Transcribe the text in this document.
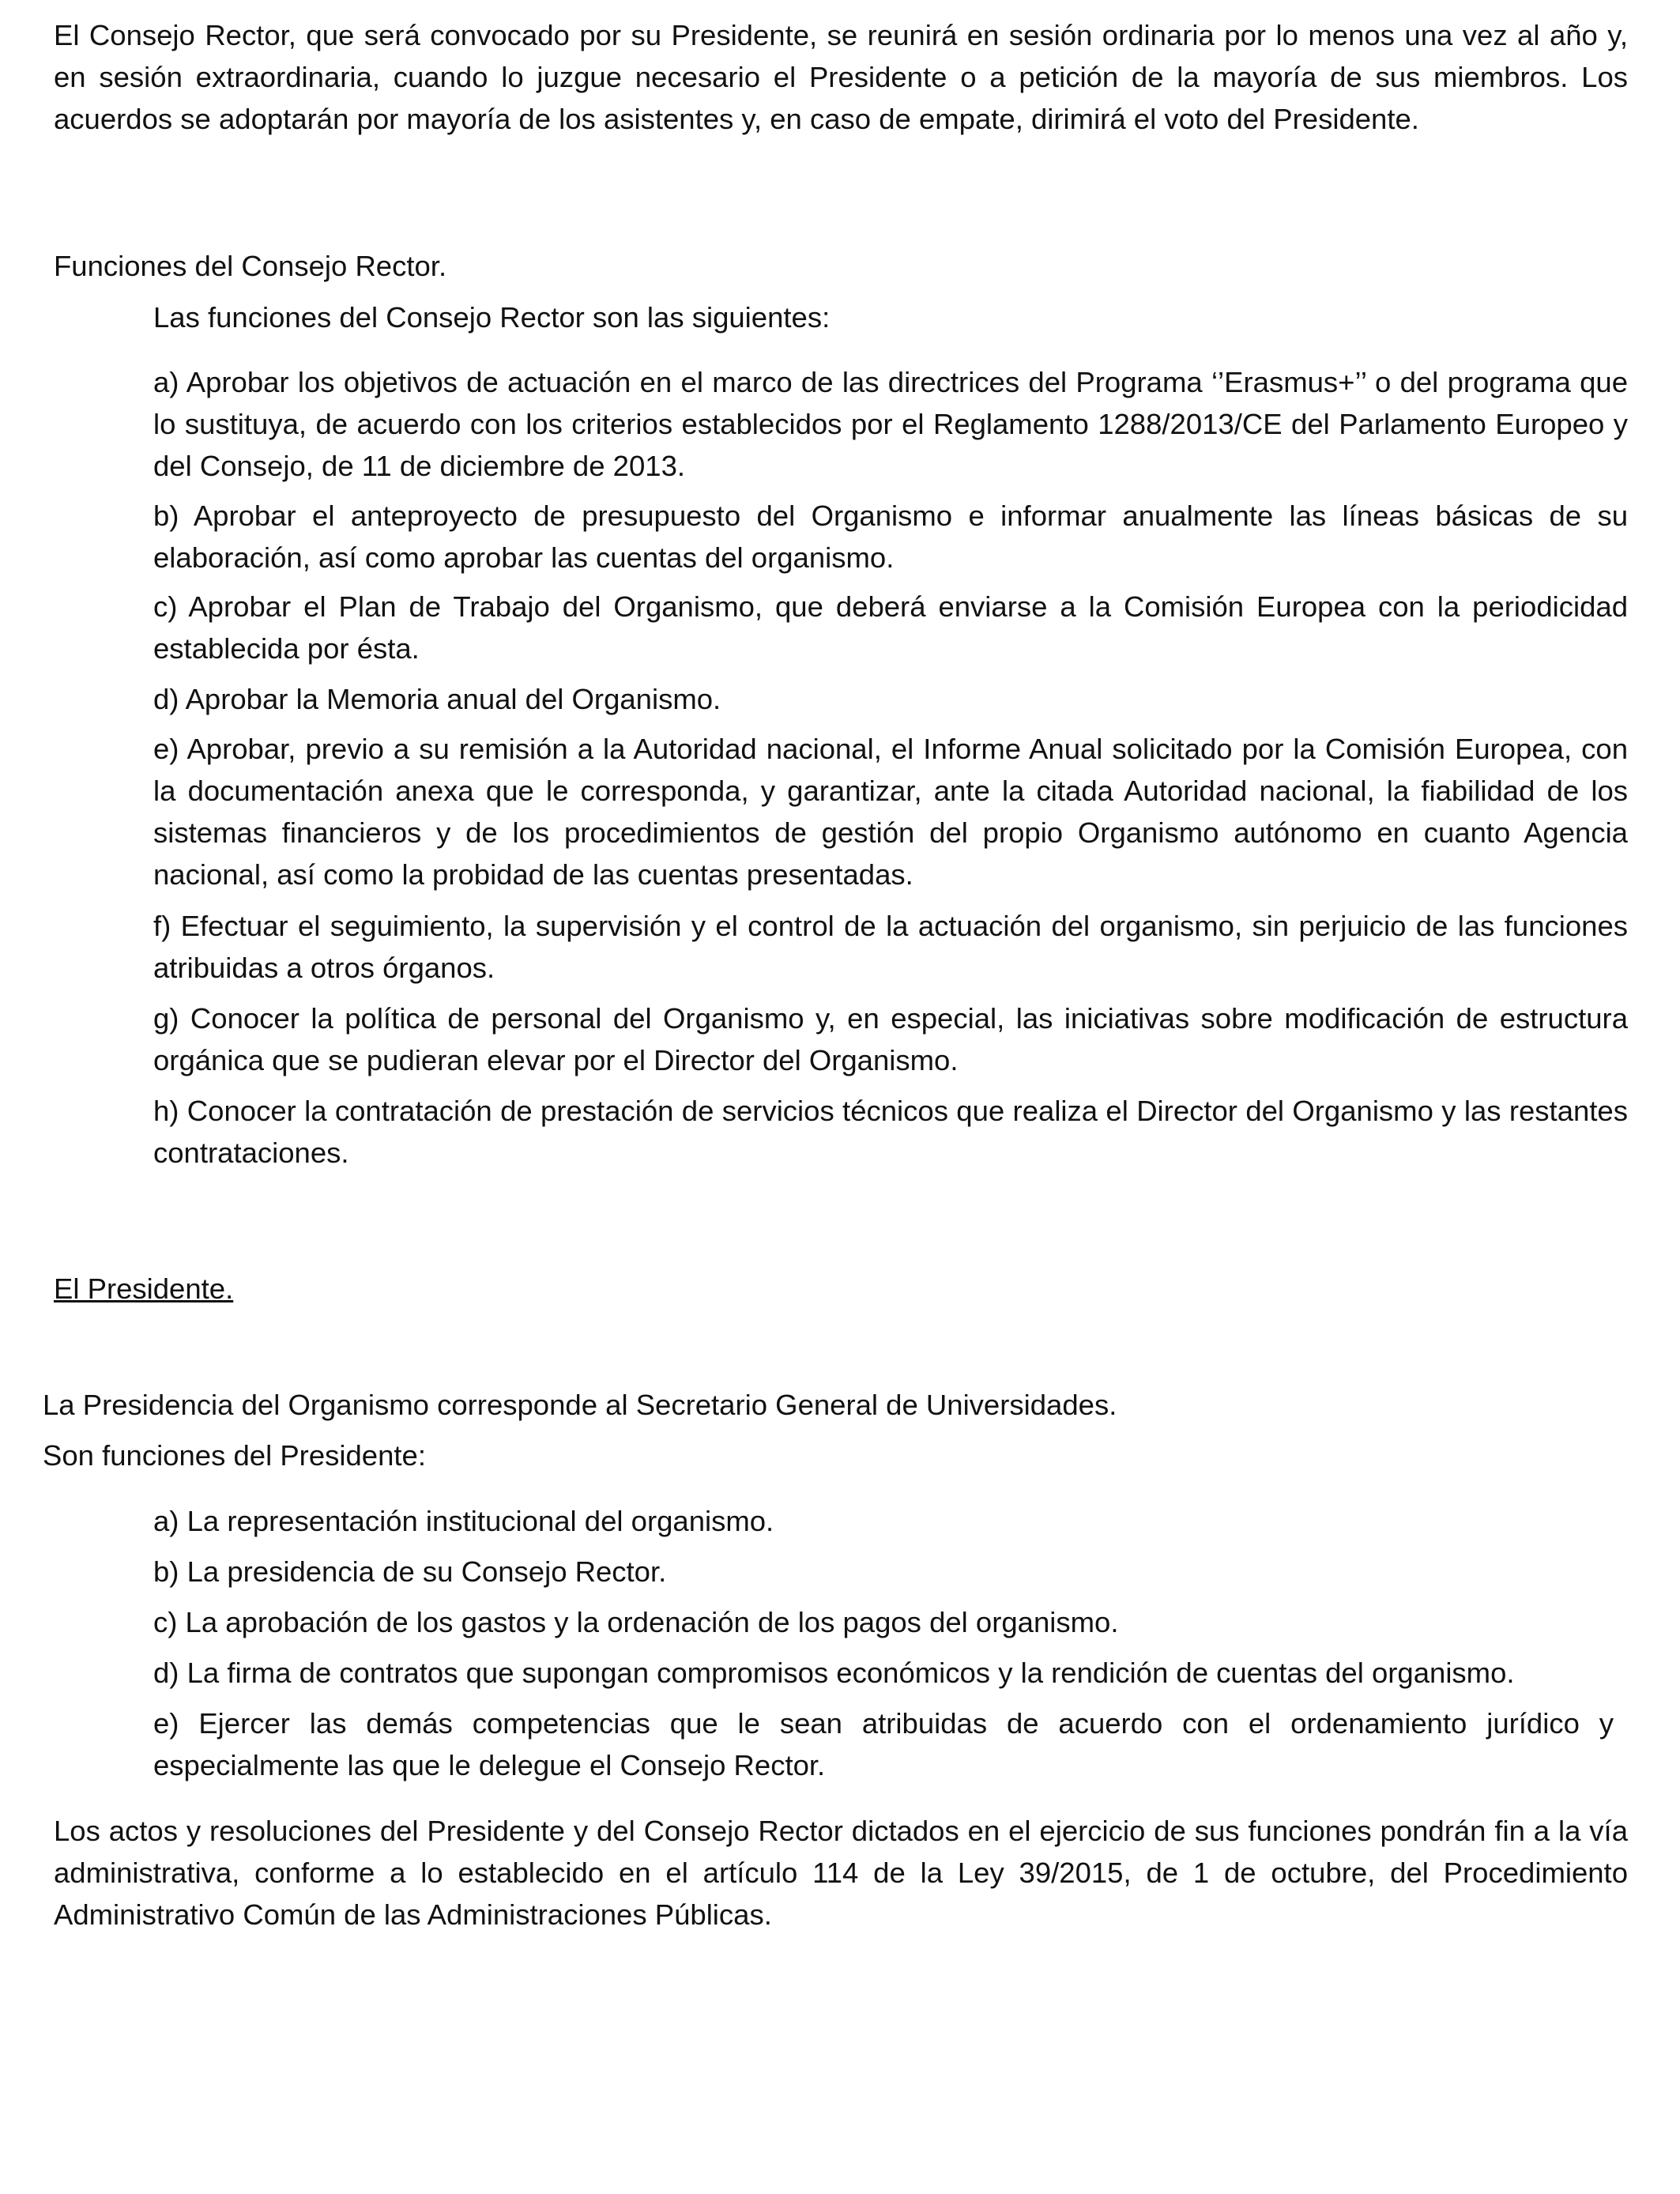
El Consejo Rector, que será convocado por su Presidente, se reunirá en sesión ordinaria por lo menos una vez al año y, en sesión extraordinaria, cuando lo juzgue necesario el Presidente o a petición de la mayoría de sus miembros. Los acuerdos se adoptarán por mayoría de los asistentes y, en caso de empate, dirimirá el voto del Presidente.

Funciones del Consejo Rector.

Las funciones del Consejo Rector son las siguientes:

a) Aprobar los objetivos de actuación en el marco de las directrices del Programa ‘’Erasmus+’’ o del programa que lo sustituya, de acuerdo con los criterios establecidos por el Reglamento 1288/2013/CE del Parlamento Europeo y del Consejo, de 11 de diciembre de 2013.

b) Aprobar el anteproyecto de presupuesto del Organismo e informar anualmente las líneas básicas de su elaboración, así como aprobar las cuentas del organismo.

c) Aprobar el Plan de Trabajo del Organismo, que deberá enviarse a la Comisión Europea con la periodicidad establecida por ésta.

d) Aprobar la Memoria anual del Organismo.

e) Aprobar, previo a su remisión a la Autoridad nacional, el Informe Anual solicitado por la Comisión Europea, con la documentación anexa que le corresponda, y garantizar, ante la citada Autoridad nacional, la fiabilidad de los sistemas financieros y de los procedimientos de gestión del propio Organismo autónomo en cuanto Agencia nacional, así como la probidad de las cuentas presentadas.

f) Efectuar el seguimiento, la supervisión y el control de la actuación del organismo, sin perjuicio de las funciones atribuidas a otros órganos.

g) Conocer la política de personal del Organismo y, en especial, las iniciativas sobre modificación de estructura orgánica que se pudieran elevar por el Director del Organismo.

h) Conocer la contratación de prestación de servicios técnicos que realiza el Director del Organismo y las restantes contrataciones.

El Presidente.

La Presidencia del Organismo corresponde al Secretario General de Universidades.

Son funciones del Presidente:

a) La representación institucional del organismo.

b) La presidencia de su Consejo Rector.

c) La aprobación de los gastos y la ordenación de los pagos del organismo.

d) La firma de contratos que supongan compromisos económicos y la rendición de cuentas del organismo.

e) Ejercer las demás competencias que le sean atribuidas de acuerdo con el ordenamiento jurídico y especialmente las que le delegue el Consejo Rector.

Los actos y resoluciones del Presidente y del Consejo Rector dictados en el ejercicio de sus funciones pondrán fin a la vía administrativa, conforme a lo establecido en el artículo 114 de la Ley 39/2015, de 1 de octubre, del Procedimiento Administrativo Común de las Administraciones Públicas.
